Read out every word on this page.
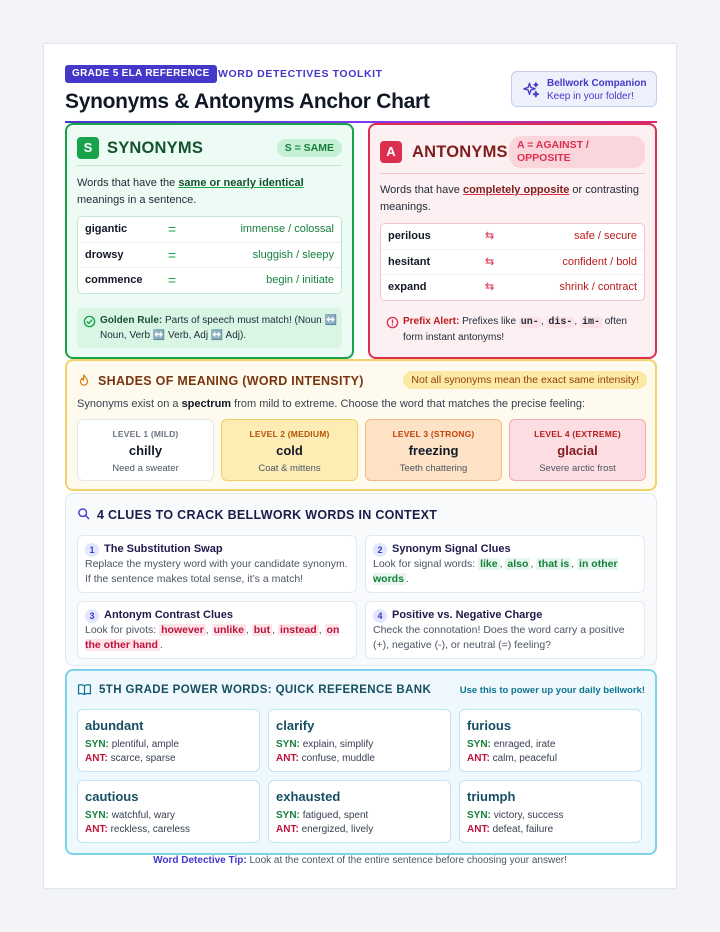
GRADE 5 ELA REFERENCE WORD DETECTIVES TOOLKIT
Synonyms & Antonyms Anchor Chart
Bellwork Companion
Keep in your folder!
S SYNONYMS	S = SAME
Words that have the same or nearly identical meanings in a sentence.
gigantic	=	immense / colossal
drowsy	=	sluggish / sleepy
commence =	begin / initiate
Golden Rule: Parts of speech must match! (Noun ↔️ Noun, Verb ↔️ Verb, Adj ↔️ Adj).
A ANTONYMS A = AGAINST / OPPOSITE
Words that have completely opposite or contrasting meanings.
perilous	⇆	safe / secure
hesitant	⇆	confident / bold
expand	⇆	shrink / contract
Prefix Alert: Prefixes like un- , dis- , im- often form instant antonyms!
SHADES OF MEANING (WORD INTENSITY)	Not all synonyms mean the exact same intensity!
Synonyms exist on a spectrum from mild to extreme. Choose the word that matches the precise feeling:
LEVEL 1 (MILD)
chilly
Need a sweater
LEVEL 2 (MEDIUM)
cold
Coat & mittens
LEVEL 3 (STRONG)
freezing
Teeth chattering
LEVEL 4 (EXTREME)
glacial
Severe arctic frost
4 CLUES TO CRACK BELLWORK WORDS IN CONTEXT
1 The Substitution Swap
Replace the mystery word with your candidate synonym. If the sentence makes total sense, it’s a match!
2 Synonym Signal Clues
Look for signal words: like , also , that is , in other words .
3 Antonym Contrast Clues
Look for pivots: however , unlike , but , instead , on the other hand .
4 Positive vs. Negative Charge
Check the connotation! Does the word carry a positive (+), negative (-), or neutral (=) feeling?
5TH GRADE POWER WORDS: QUICK REFERENCE BANK	Use this to power up your daily bellwork!
abundant
SYN: plentiful, ample
ANT: scarce, sparse
clarify
SYN: explain, simplify
ANT: confuse, muddle
furious
SYN: enraged, irate
ANT: calm, peaceful
cautious
SYN: watchful, wary
ANT: reckless, careless
exhausted
SYN: fatigued, spent
ANT: energized, lively
triumph
SYN: victory, success
ANT: defeat, failure
Word Detective Tip: Look at the context of the entire sentence before choosing your answer!
